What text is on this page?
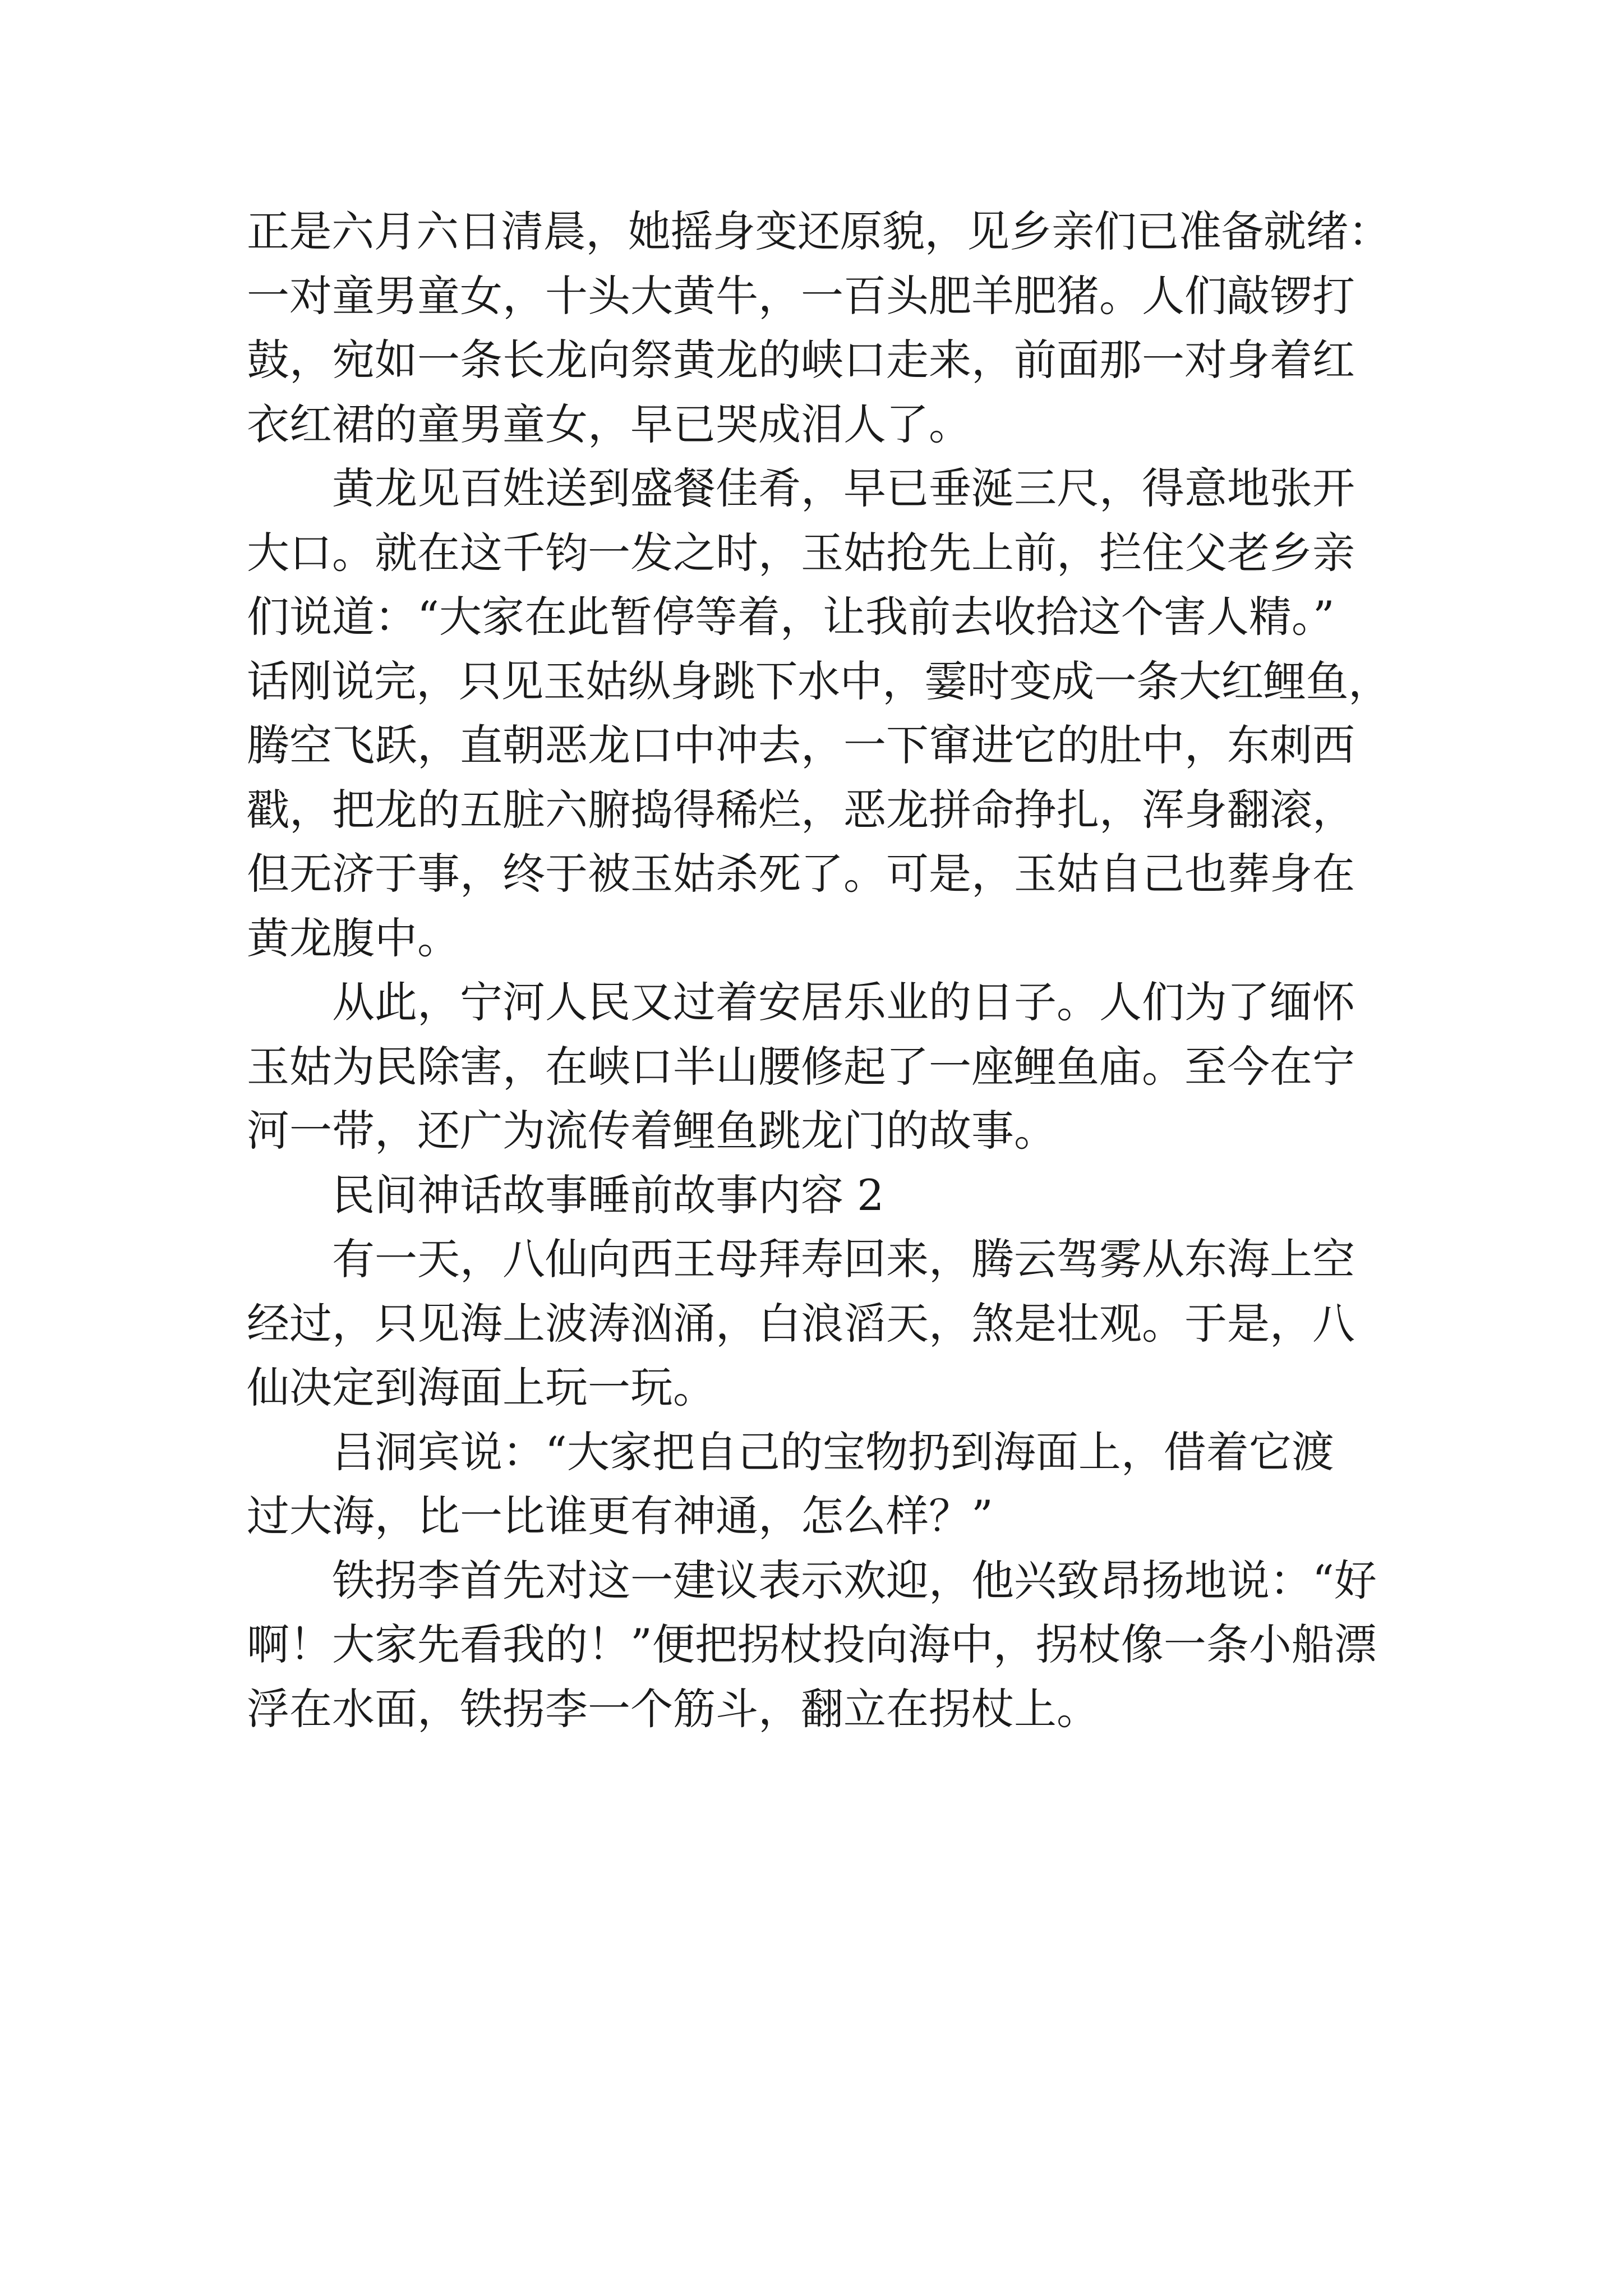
正是六月六日清晨，她摇身变还原貌，见乡亲们已准备就绪：
一对童男童女，十头大黄牛，一百头肥羊肥猪。人们敲锣打
鼓，宛如一条长龙向祭黄龙的峡口走来，前面那一对身着红
衣红裙的童男童女，早已哭成泪人了。
　　黄龙见百姓送到盛餐佳肴，早已垂涎三尺，得意地张开
大口。就在这千钧一发之时，玉姑抢先上前，拦住父老乡亲
们说道：“大家在此暂停等着，让我前去收拾这个害人精。”
话刚说完，只见玉姑纵身跳下水中，霎时变成一条大红鲤鱼，
腾空飞跃，直朝恶龙口中冲去，一下窜进它的肚中，东刺西
戳，把龙的五脏六腑捣得稀烂，恶龙拼命挣扎，浑身翻滚，
但无济于事，终于被玉姑杀死了。可是，玉姑自己也葬身在
黄龙腹中。
　　从此，宁河人民又过着安居乐业的日子。人们为了缅怀
玉姑为民除害，在峡口半山腰修起了一座鲤鱼庙。至今在宁
河一带，还广为流传着鲤鱼跳龙门的故事。
　　民间神话故事睡前故事内容 2
　　有一天，八仙向西王母拜寿回来，腾云驾雾从东海上空
经过，只见海上波涛汹涌，白浪滔天，煞是壮观。于是，八
仙决定到海面上玩一玩。
　　吕洞宾说：“大家把自己的宝物扔到海面上，借着它渡
过大海，比一比谁更有神通，怎么样？”
　　铁拐李首先对这一建议表示欢迎，他兴致昂扬地说：“好
啊！大家先看我的！”便把拐杖投向海中，拐杖像一条小船漂
浮在水面，铁拐李一个筋斗，翻立在拐杖上。
